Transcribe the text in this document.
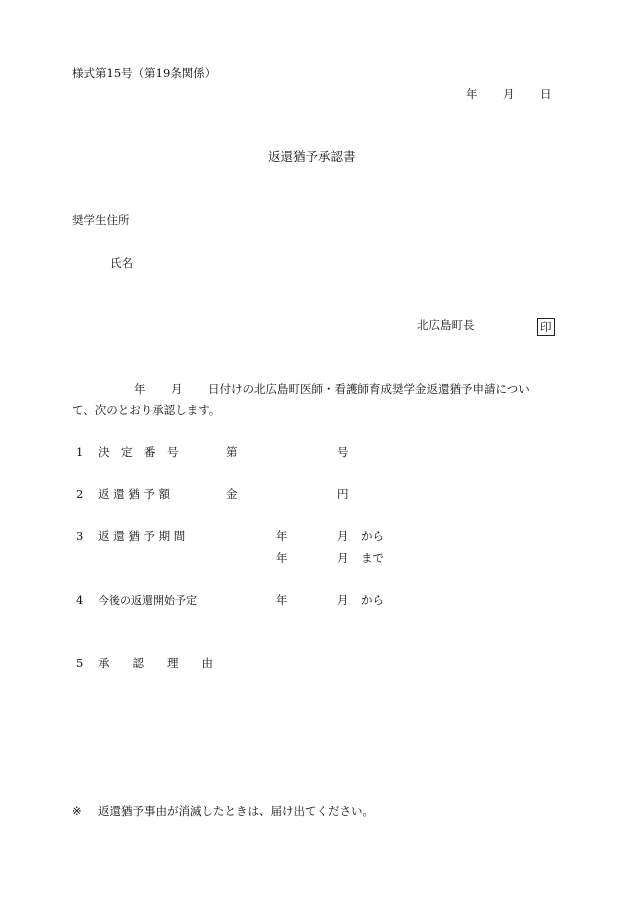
様式第15号（第19条関係）
年 月 日
返還猶予承認書
奨学生住所
氏名
北広島町長	印
年 月 日付けの北広島町医師・看護師育成奨学金返還猶予申請につい
て、次のとおり承認します。
1 決　定　番　号	第	号
2 返 還 猶 予 額	金	円
3 返 還 猶 予 期 間	年	月 から
年	月 まで
4 今後の返還開始予定	年	月 から
5 承　　認　　理　　由
※ 返還猶予事由が消滅したときは、届け出てください。
